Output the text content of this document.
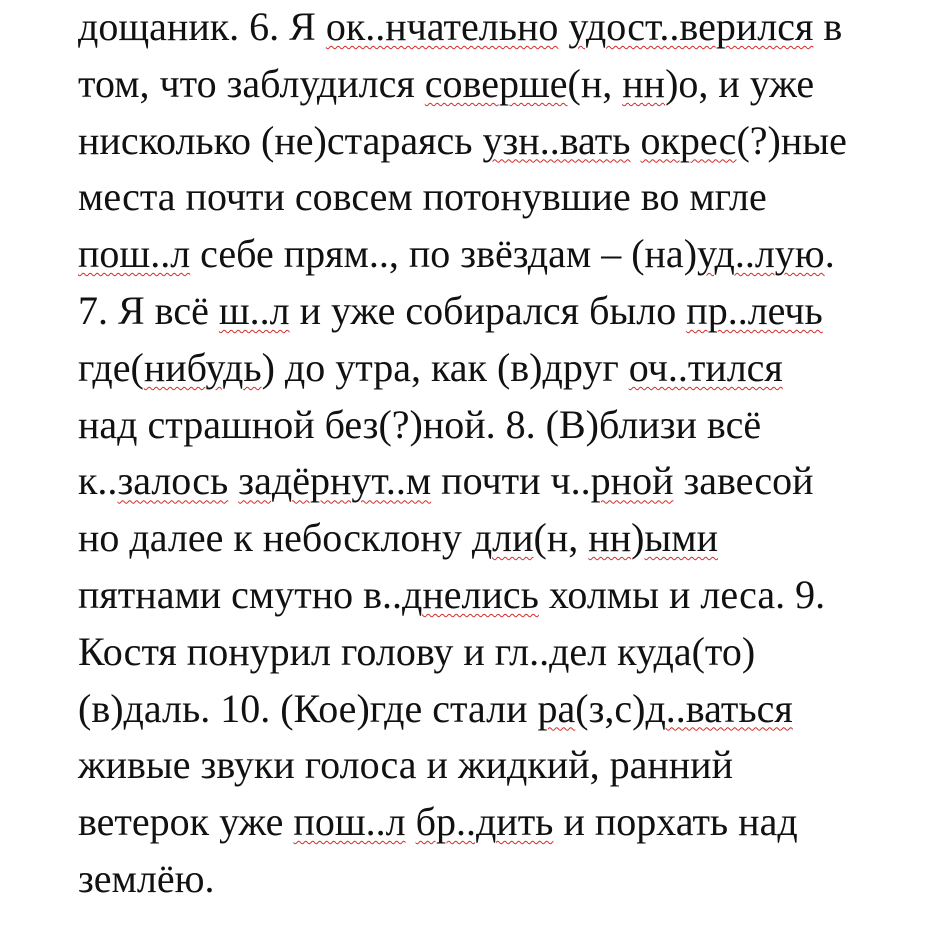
дощаник. 6. Я ок..нчательно удост..верился в
том, что заблудился соверше(н, нн)о, и уже
нисколько (не)стараясь узн..вать окрес(?)ные
места почти совсем потонувшие во мгле
пош..л себе прям.., по звёздам – (на)уд..лую.
7. Я всё ш..л и уже собирался было пр..лечь
где(нибудь) до утра, как (в)друг оч..тился
над страшной без(?)ной. 8. (В)близи всё
к..залось задёрнут..м почти ч..рной завесой
но далее к небосклону дли(н, нн)ыми
пятнами смутно в..днелись холмы и леса. 9.
Костя понурил голову и гл..дел куда(то)
(в)даль. 10. (Кое)где стали ра(з,с)д..ваться
живые звуки голоса и жидкий, ранний
ветерок уже пош..л бр..дить и порхать над
землёю.
